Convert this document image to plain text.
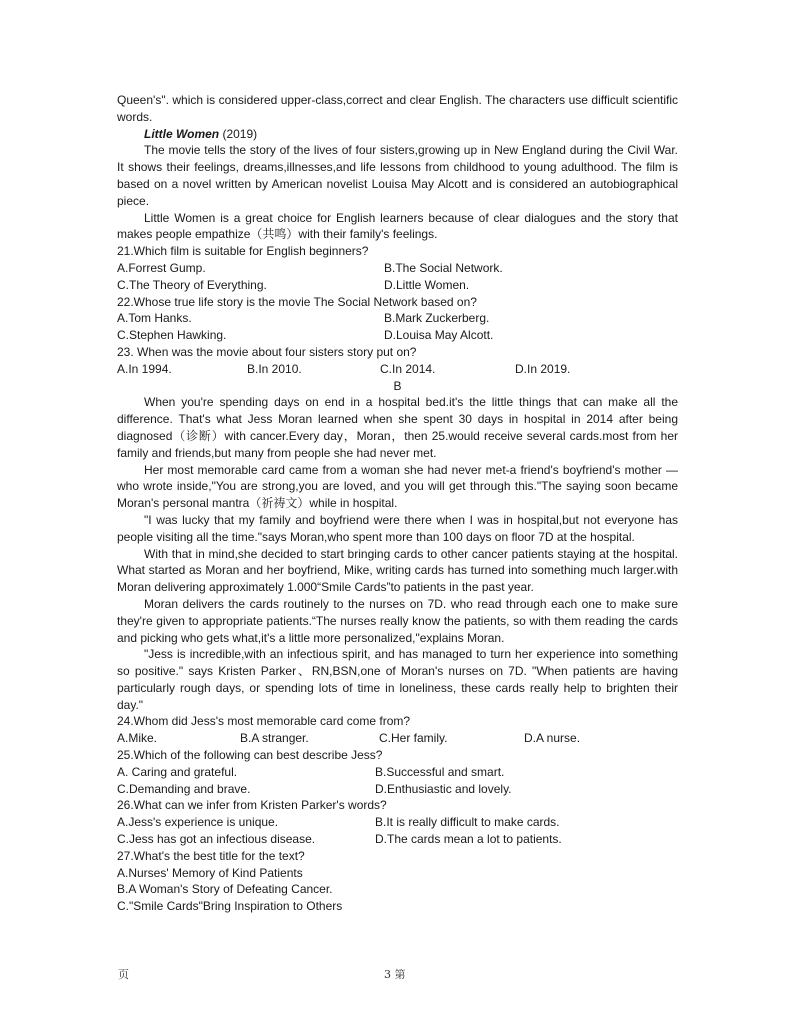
Queen's". which is considered upper-class,correct and clear English. The characters use difficult scientific words.

Little Women (2019)

The movie tells the story of the lives of four sisters,growing up in New England during the Civil War. It shows their feelings, dreams,illnesses,and life lessons from childhood to young adulthood. The film is based on a novel written by American novelist Louisa May Alcott and is considered an autobiographical piece.

Little Women is a great choice for English learners because of clear dialogues and the story that makes people empathize（共鸣）with their family's feelings.

21.Which film is suitable for English beginners?

A.Forrest Gump.	B.The Social Network.
C.The Theory of Everything.	D.Little Women.

22.Whose true life story is the movie The Social Network based on?

A.Tom Hanks.	B.Mark Zuckerberg.
C.Stephen Hawking.	D.Louisa May Alcott.

23. When was the movie about four sisters story put on?

A.In 1994.	B.In 2010.	C.In 2014.	D.In 2019.

B

When you're spending days on end in a hospital bed.it's the little things that can make all the difference. That's what Jess Moran learned when she spent 30 days in hospital in 2014 after being diagnosed（诊断）with cancer.Every day，Moran，then 25.would receive several cards.most from her family and friends,but many from people she had never met.

Her most memorable card came from a woman she had never met-a friend's boyfriend's mother —who wrote inside,"You are strong,you are loved, and you will get through this."The saying soon became Moran's personal mantra（祈祷文）while in hospital.

"I was lucky that my family and boyfriend were there when I was in hospital,but not everyone has people visiting all the time."says Moran,who spent more than 100 days on floor 7D at the hospital.

With that in mind,she decided to start bringing cards to other cancer patients staying at the hospital. What started as Moran and her boyfriend, Mike, writing cards has turned into something much larger.with Moran delivering approximately 1.000“Smile Cards”to patients in the past year.

Moran delivers the cards routinely to the nurses on 7D. who read through each one to make sure they're given to appropriate patients.“The nurses really know the patients, so with them reading the cards and picking who gets what,it's a little more personalized,"explains Moran.

"Jess is incredible,with an infectious spirit, and has managed to turn her experience into something so positive." says Kristen Parker、RN,BSN,one of Moran's nurses on 7D. "When patients are having particularly rough days, or spending lots of time in loneliness, these cards really help to brighten their day."

24.Whom did Jess's most memorable card come from?

A.Mike.	B.A stranger.	C.Her family.	D.A nurse.

25.Which of the following can best describe Jess?

A. Caring and grateful.	B.Successful and smart.
C.Demanding and brave.	D.Enthusiastic and lovely.

26.What can we infer from Kristen Parker's words?

A.Jess's experience is unique.	B.It is really difficult to make cards.
C.Jess has got an infectious disease.	D.The cards mean a lot to patients.

27.What's the best title for the text?

A.Nurses' Memory of Kind Patients

B.A Woman's Story of Defeating Cancer.

C."Smile Cards"Bring Inspiration to Others

页	3 第
